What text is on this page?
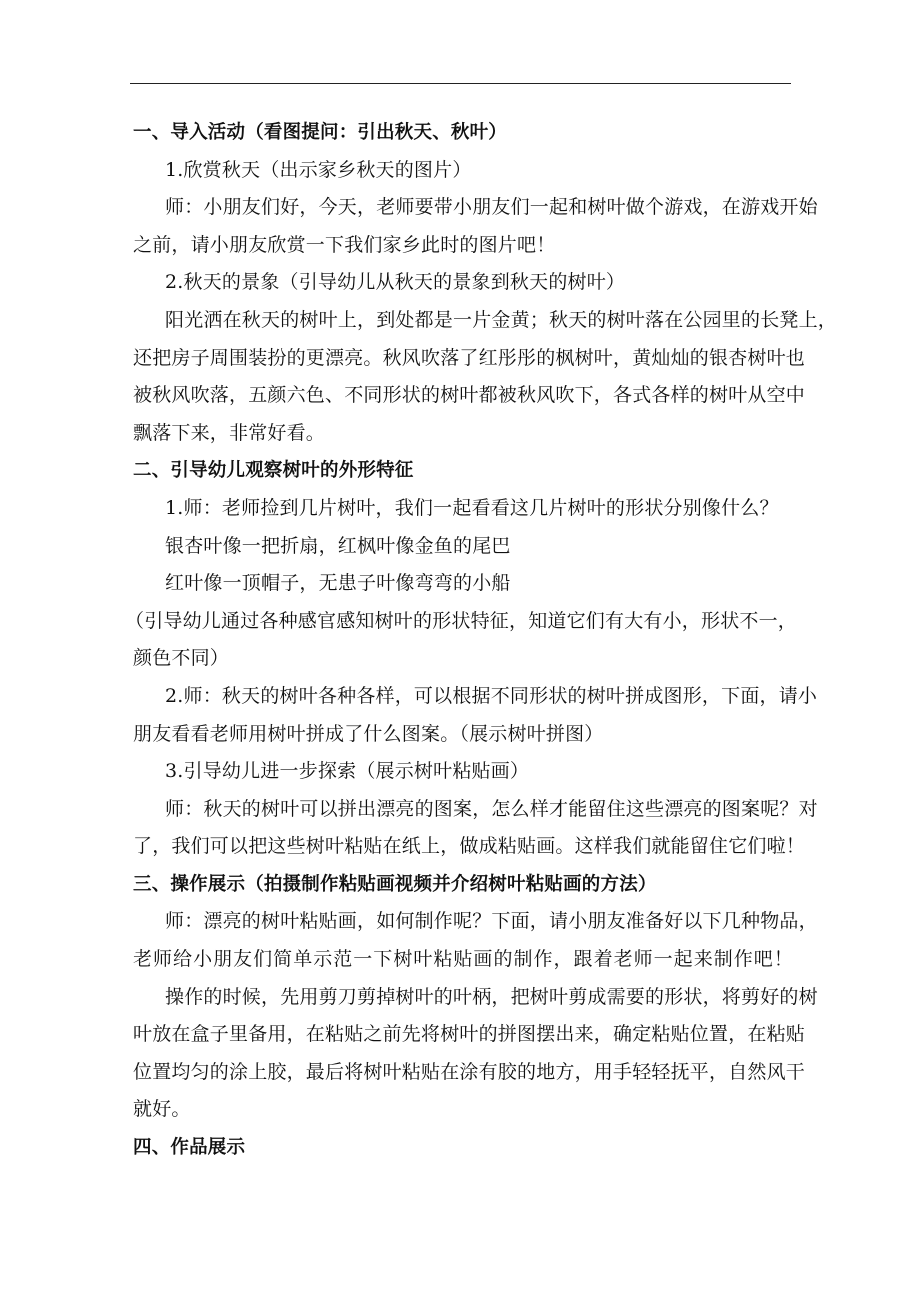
一、导入活动（看图提问：引出秋天、秋叶）
1.欣赏秋天（出示家乡秋天的图片）
师：小朋友们好，今天，老师要带小朋友们一起和树叶做个游戏，在游戏开始
之前，请小朋友欣赏一下我们家乡此时的图片吧！
2.秋天的景象（引导幼儿从秋天的景象到秋天的树叶）
阳光洒在秋天的树叶上，到处都是一片金黄；秋天的树叶落在公园里的长凳上，
还把房子周围装扮的更漂亮。秋风吹落了红彤彤的枫树叶，黄灿灿的银杏树叶也
被秋风吹落，五颜六色、不同形状的树叶都被秋风吹下，各式各样的树叶从空中
飘落下来，非常好看。
二、引导幼儿观察树叶的外形特征
1.师：老师捡到几片树叶，我们一起看看这几片树叶的形状分别像什么？
银杏叶像一把折扇，红枫叶像金鱼的尾巴
红叶像一顶帽子，无患子叶像弯弯的小船
（引导幼儿通过各种感官感知树叶的形状特征，知道它们有大有小，形状不一，
颜色不同）
2.师：秋天的树叶各种各样，可以根据不同形状的树叶拼成图形，下面，请小
朋友看看老师用树叶拼成了什么图案。（展示树叶拼图）
3.引导幼儿进一步探索（展示树叶粘贴画）
师：秋天的树叶可以拼出漂亮的图案，怎么样才能留住这些漂亮的图案呢？对
了，我们可以把这些树叶粘贴在纸上，做成粘贴画。这样我们就能留住它们啦！
三、操作展示（拍摄制作粘贴画视频并介绍树叶粘贴画的方法）
师：漂亮的树叶粘贴画，如何制作呢？下面，请小朋友准备好以下几种物品，
老师给小朋友们简单示范一下树叶粘贴画的制作，跟着老师一起来制作吧！
操作的时候，先用剪刀剪掉树叶的叶柄，把树叶剪成需要的形状，将剪好的树
叶放在盒子里备用，在粘贴之前先将树叶的拼图摆出来，确定粘贴位置，在粘贴
位置均匀的涂上胶，最后将树叶粘贴在涂有胶的地方，用手轻轻抚平，自然风干
就好。
四、作品展示
